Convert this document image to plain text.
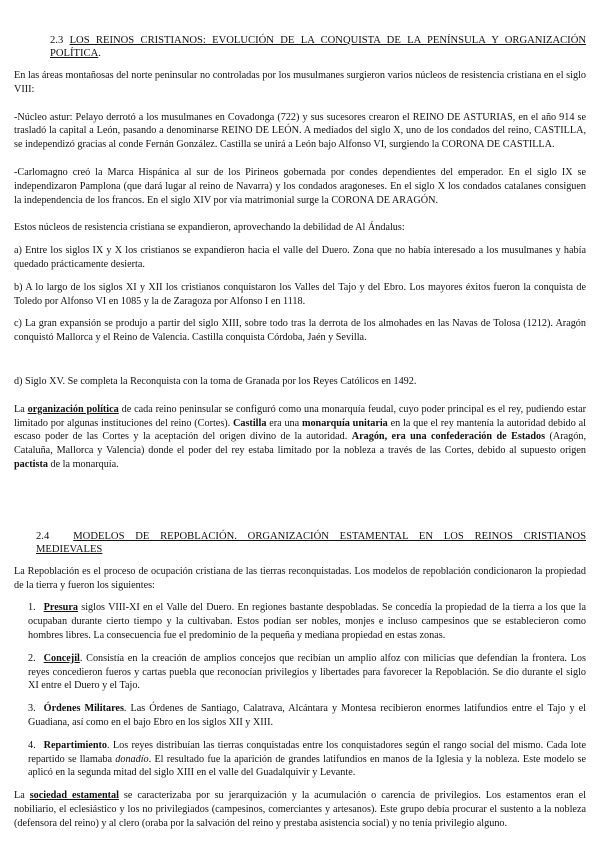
2.3 LOS REINOS CRISTIANOS: EVOLUCIÓN DE LA CONQUISTA DE LA PENÍNSULA Y ORGANIZACIÓN POLÍTICA.

En las áreas montañosas del norte peninsular no controladas por los musulmanes surgieron varios núcleos de resistencia cristiana en el siglo VIII:

-Núcleo astur: Pelayo derrotó a los musulmanes en Covadonga (722) y sus sucesores crearon el REINO DE ASTURIAS, en el año 914 se trasladó la capital a León, pasando a denominarse REINO DE LEÓN. A mediados del siglo X, uno de los condados del reino, CASTILLA, se independizó gracias al conde Fernán González. Castilla se unirá a León bajo Alfonso VI, surgiendo la CORONA DE CASTILLA.

-Carlomagno creó la Marca Hispánica al sur de los Pirineos gobernada por condes dependientes del emperador. En el siglo IX se independizaron Pamplona (que dará lugar al reino de Navarra) y los condados aragoneses. En el siglo X los condados catalanes consiguen la independencia de los francos. En el siglo XIV por vía matrimonial surge la CORONA DE ARAGÓN.

Estos núcleos de resistencia cristiana se expandieron, aprovechando la debilidad de Al Ándalus:

a) Entre los siglos IX y X los cristianos se expandieron hacia el valle del Duero. Zona que no había interesado a los musulmanes y había quedado prácticamente desierta.

b) A lo largo de los siglos XI y XII los cristianos conquistaron los Valles del Tajo y del Ebro. Los mayores éxitos fueron la conquista de Toledo por Alfonso VI en 1085 y la de Zaragoza por Alfonso I en 1118.

c) La gran expansión se produjo a partir del siglo XIII, sobre todo tras la derrota de los almohades en las Navas de Tolosa (1212). Aragón conquistó Mallorca y el Reino de Valencia. Castilla conquista Córdoba, Jaén y Sevilla.

d) Siglo XV. Se completa la Reconquista con la toma de Granada por los Reyes Católicos en 1492.

La organización política de cada reino peninsular se configuró como una monarquía feudal, cuyo poder principal es el rey, pudiendo estar limitado por algunas instituciones del reino (Cortes). Castilla era una monarquía unitaria en la que el rey mantenía la autoridad debido al escaso poder de las Cortes y la aceptación del origen divino de la autoridad. Aragón, era una confederación de Estados (Aragón, Cataluña, Mallorca y Valencia) donde el poder del rey estaba limitado por la nobleza a través de las Cortes, debido al supuesto origen pactista de la monarquía.

2.4 MODELOS DE REPOBLACIÓN. ORGANIZACIÓN ESTAMENTAL EN LOS REINOS CRISTIANOS MEDIEVALES

La Repoblación es el proceso de ocupación cristiana de las tierras reconquistadas. Los modelos de repoblación condicionaron la propiedad de la tierra y fueron los siguientes:

1. Presura siglos VIII-XI en el Valle del Duero. En regiones bastante despobladas. Se concedía la propiedad de la tierra a los que la ocupaban durante cierto tiempo y la cultivaban. Estos podían ser nobles, monjes e incluso campesinos que se establecieron como hombres libres. La consecuencia fue el predominio de la pequeña y mediana propiedad en estas zonas.

2. Concejil. Consistía en la creación de amplios concejos que recibían un amplio alfoz con milicias que defendían la frontera. Los reyes concedieron fueros y cartas puebla que reconocían privilegios y libertades para favorecer la Repoblación. Se dio durante el siglo XI entre el Duero y el Tajo.

3. Órdenes Militares. Las Órdenes de Santiago, Calatrava, Alcántara y Montesa recibieron enormes latifundios entre el Tajo y el Guadiana, así como en el bajo Ebro en los siglos XII y XIII.

4. Repartimiento. Los reyes distribuían las tierras conquistadas entre los conquistadores según el rango social del mismo. Cada lote repartido se llamaba donadío. El resultado fue la aparición de grandes latifundios en manos de la Iglesia y la nobleza. Este modelo se aplicó en la segunda mitad del siglo XIII en el valle del Guadalquivir y Levante.

La sociedad estamental se caracterizaba por su jerarquización y la acumulación o carencia de privilegios. Los estamentos eran el nobiliario, el eclesiástico y los no privilegiados (campesinos, comerciantes y artesanos). Este grupo debía procurar el sustento a la nobleza (defensora del reino) y al clero (oraba por la salvación del reino y prestaba asistencia social) y no tenía privilegio alguno.
